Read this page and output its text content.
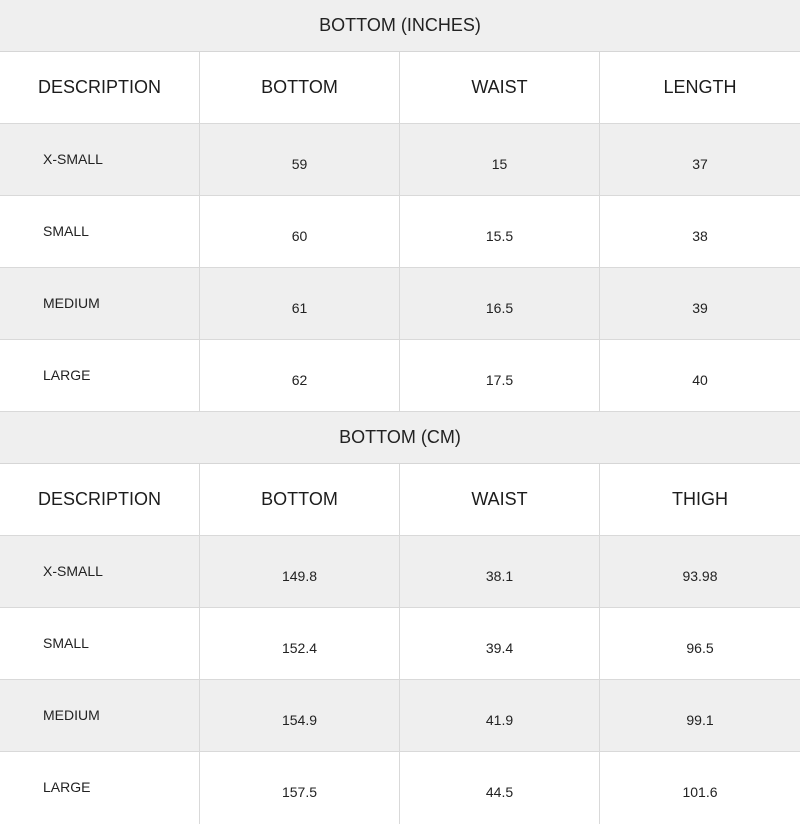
BOTTOM (INCHES)
DESCRIPTION	BOTTOM	WAIST	LENGTH
X-SMALL	59	15	37
SMALL	60	15.5	38
MEDIUM	61	16.5	39
LARGE	62	17.5	40
BOTTOM (CM)
DESCRIPTION	BOTTOM	WAIST	THIGH
X-SMALL	149.8	38.1	93.98
SMALL	152.4	39.4	96.5
MEDIUM	154.9	41.9	99.1
LARGE	157.5	44.5	101.6
